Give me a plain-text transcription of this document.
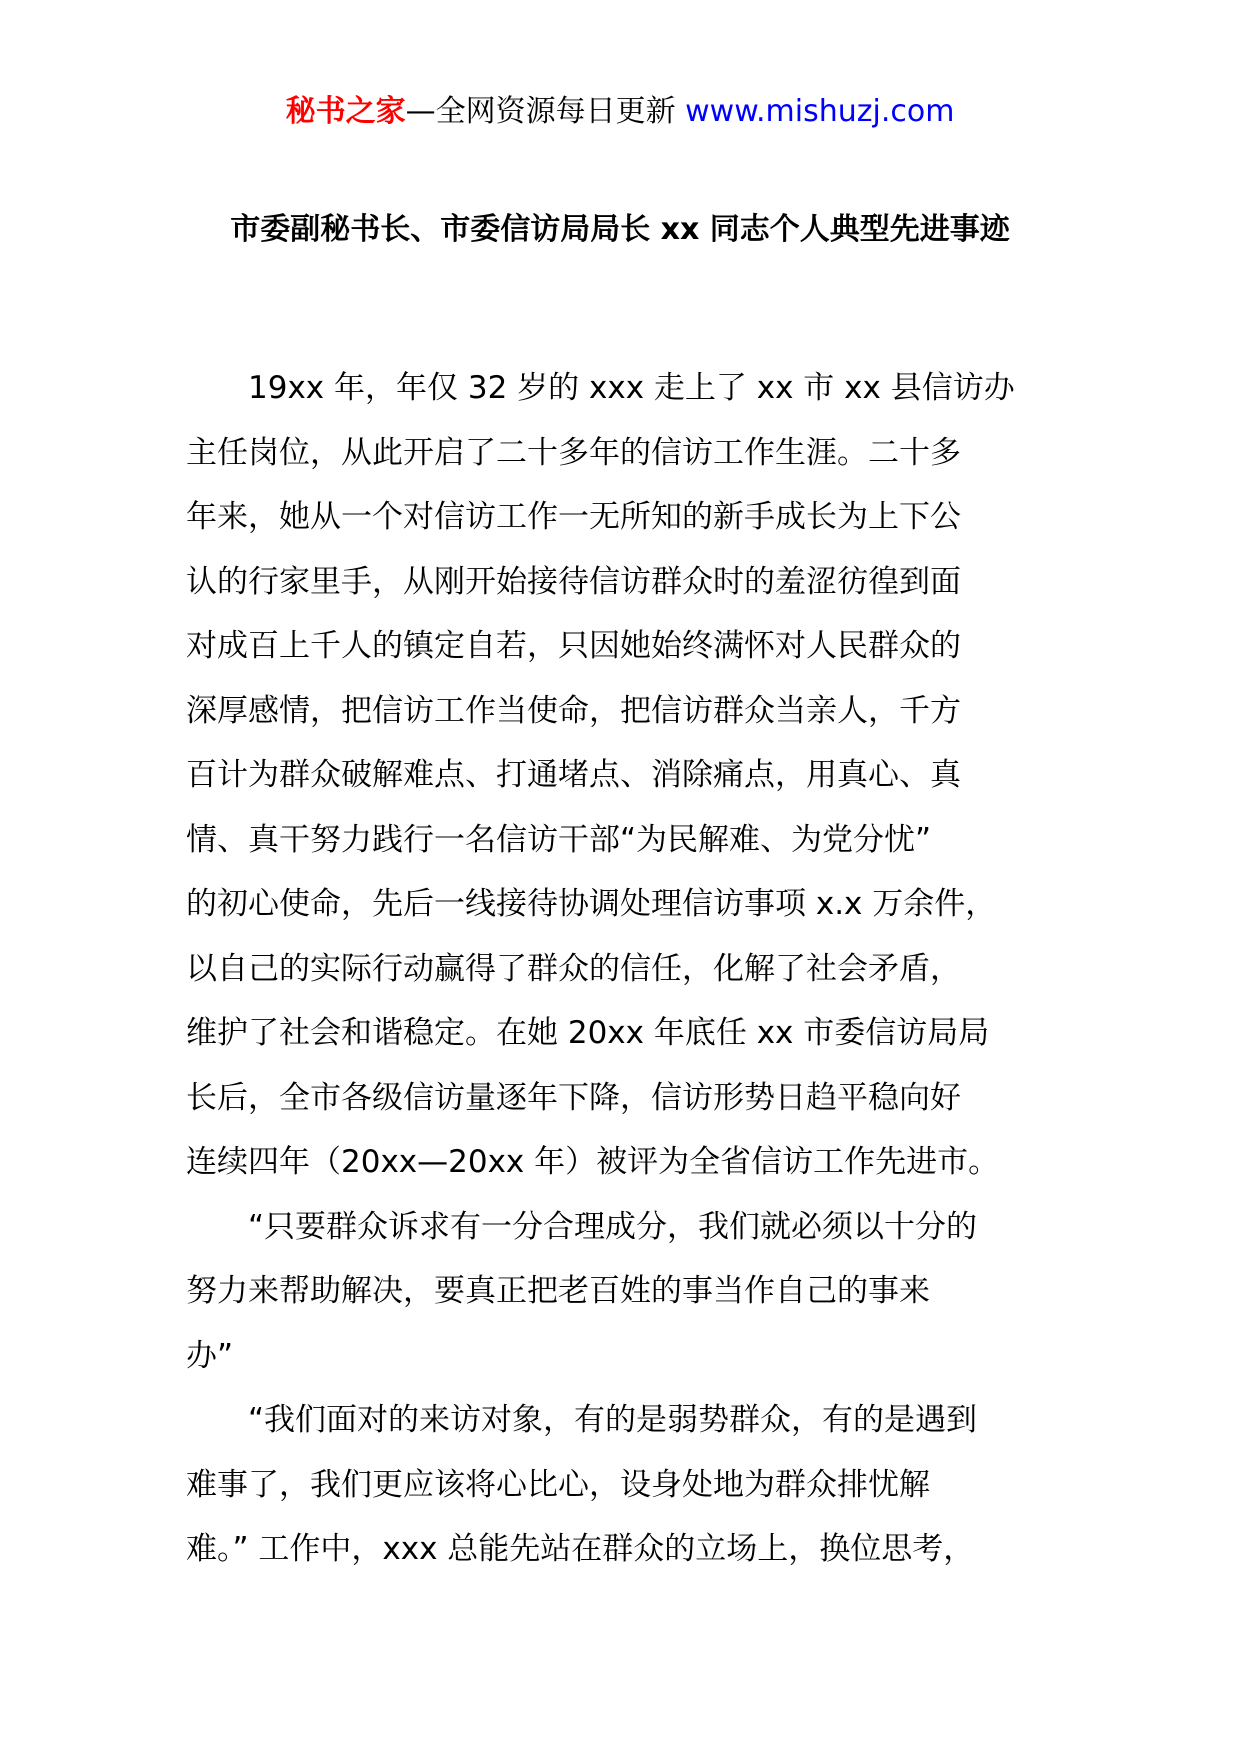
秘书之家—全网资源每日更新 www.mishuzj.com
市委副秘书长、市委信访局局长 xx 同志个人典型先进事迹
19xx 年，年仅 32 岁的 xxx 走上了 xx 市 xx 县信访办
主任岗位，从此开启了二十多年的信访工作生涯。二十多
年来，她从一个对信访工作一无所知的新手成长为上下公
认的行家里手，从刚开始接待信访群众时的羞涩彷徨到面
对成百上千人的镇定自若，只因她始终满怀对人民群众的
深厚感情，把信访工作当使命，把信访群众当亲人，千方
百计为群众破解难点、打通堵点、消除痛点，用真心、真
情、真干努力践行一名信访干部“为民解难、为党分忧”
的初心使命，先后一线接待协调处理信访事项 x.x 万余件，
以自己的实际行动赢得了群众的信任，化解了社会矛盾，
维护了社会和谐稳定。在她 20xx 年底任 xx 市委信访局局
长后，全市各级信访量逐年下降，信访形势日趋平稳向好
连续四年（20xx—20xx 年）被评为全省信访工作先进市。
“只要群众诉求有一分合理成分，我们就必须以十分的
努力来帮助解决，要真正把老百姓的事当作自己的事来
办”
“我们面对的来访对象，有的是弱势群众，有的是遇到
难事了，我们更应该将心比心，设身处地为群众排忧解
难。” 工作中，xxx 总能先站在群众的立场上，换位思考，
